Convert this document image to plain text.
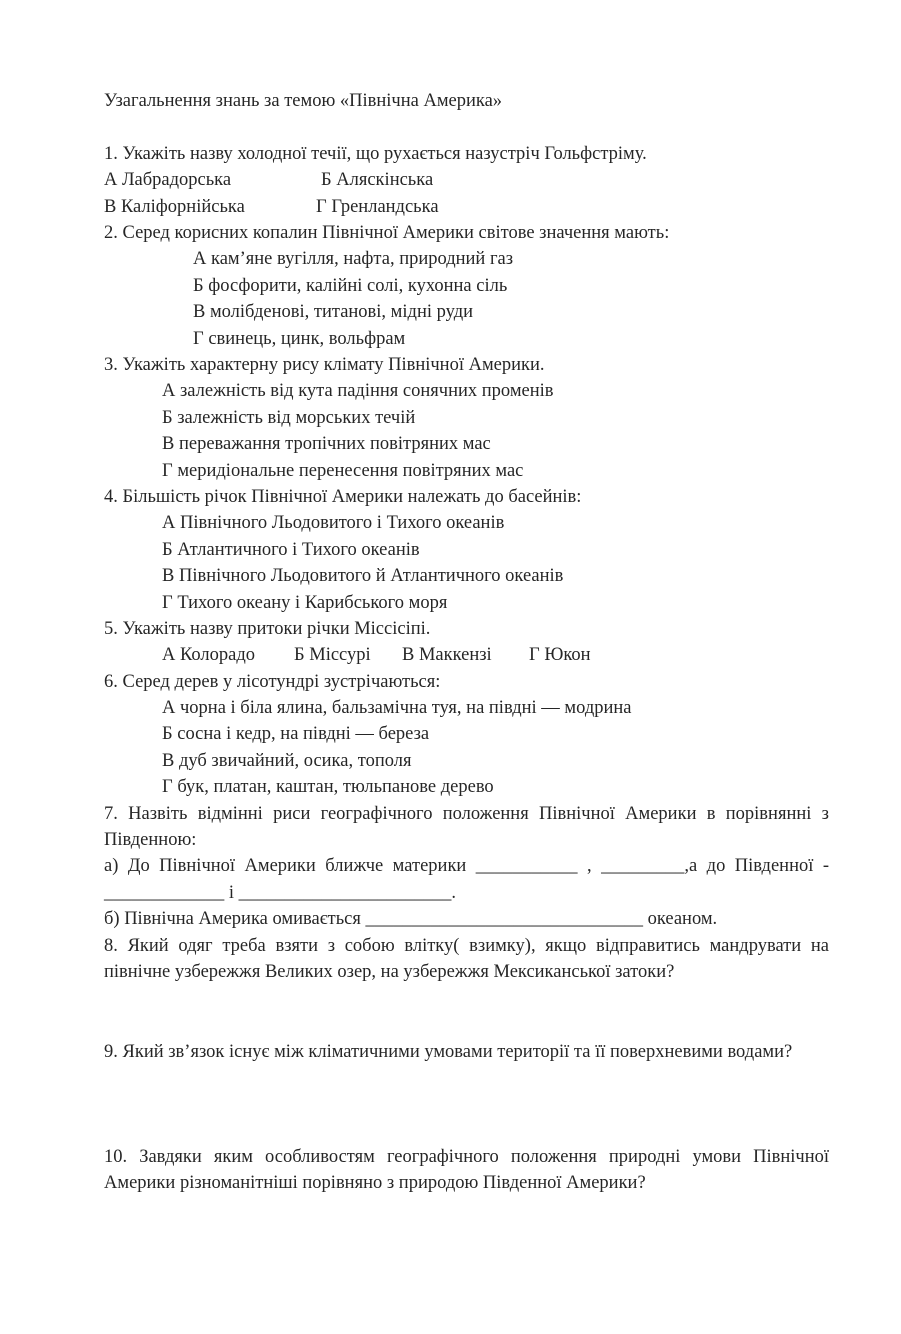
Узагальнення знань за темою «Північна Америка»
1. Укажіть назву холодної течії, що рухається назустріч Гольфстріму.
А Лабрадорська	Б Аляскінська
В Каліфорнійська	Г Гренландська
2. Серед корисних копалин Північної Америки світове значення мають:
А кам’яне вугілля, нафта, природний газ
Б фосфорити, калійні солі, кухонна сіль
В молібденові, титанові, мідні руди
Г свинець, цинк, вольфрам
3. Укажіть характерну рису клімату Північної Америки.
А залежність від кута падіння сонячних променів
Б залежність від морських течій
В переважання тропічних повітряних мас
Г меридіональне перенесення повітряних мас
4. Більшість річок Північної Америки належать до басейнів:
А Північного Льодовитого і Тихого океанів
Б Атлантичного і Тихого океанів
В Північного Льодовитого й Атлантичного океанів
Г Тихого океану і Карибського моря
5. Укажіть назву притоки річки Міссісіпі.
А Колорадо Б Міссурі В Маккензі Г Юкон
6. Серед дерев у лісотундрі зустрічаються:
А чорна і біла ялина, бальзамічна туя, на півдні — модрина
Б сосна і кедр, на півдні — береза
В дуб звичайний, осика, тополя
Г бук, платан, каштан, тюльпанове дерево
7. Назвіть відмінні риси географічного положення Північної Америки в порівнянні з
Південною:
а) До Північної Америки ближче материки ___________ , _________,а до Південної -
_____________ і _______________________.
б) Північна Америка омивається ______________________________ океаном.
8. Який одяг треба взяти з собою влітку( взимку), якщо відправитись мандрувати на
північне узбережжя Великих озер, на узбережжя Мексиканської затоки?
9. Який зв’язок існує між кліматичними умовами території та її поверхневими водами?
10. Завдяки яким особливостям географічного положення природні умови Північної
Америки різноманітніші порівняно з природою Південної Америки?
